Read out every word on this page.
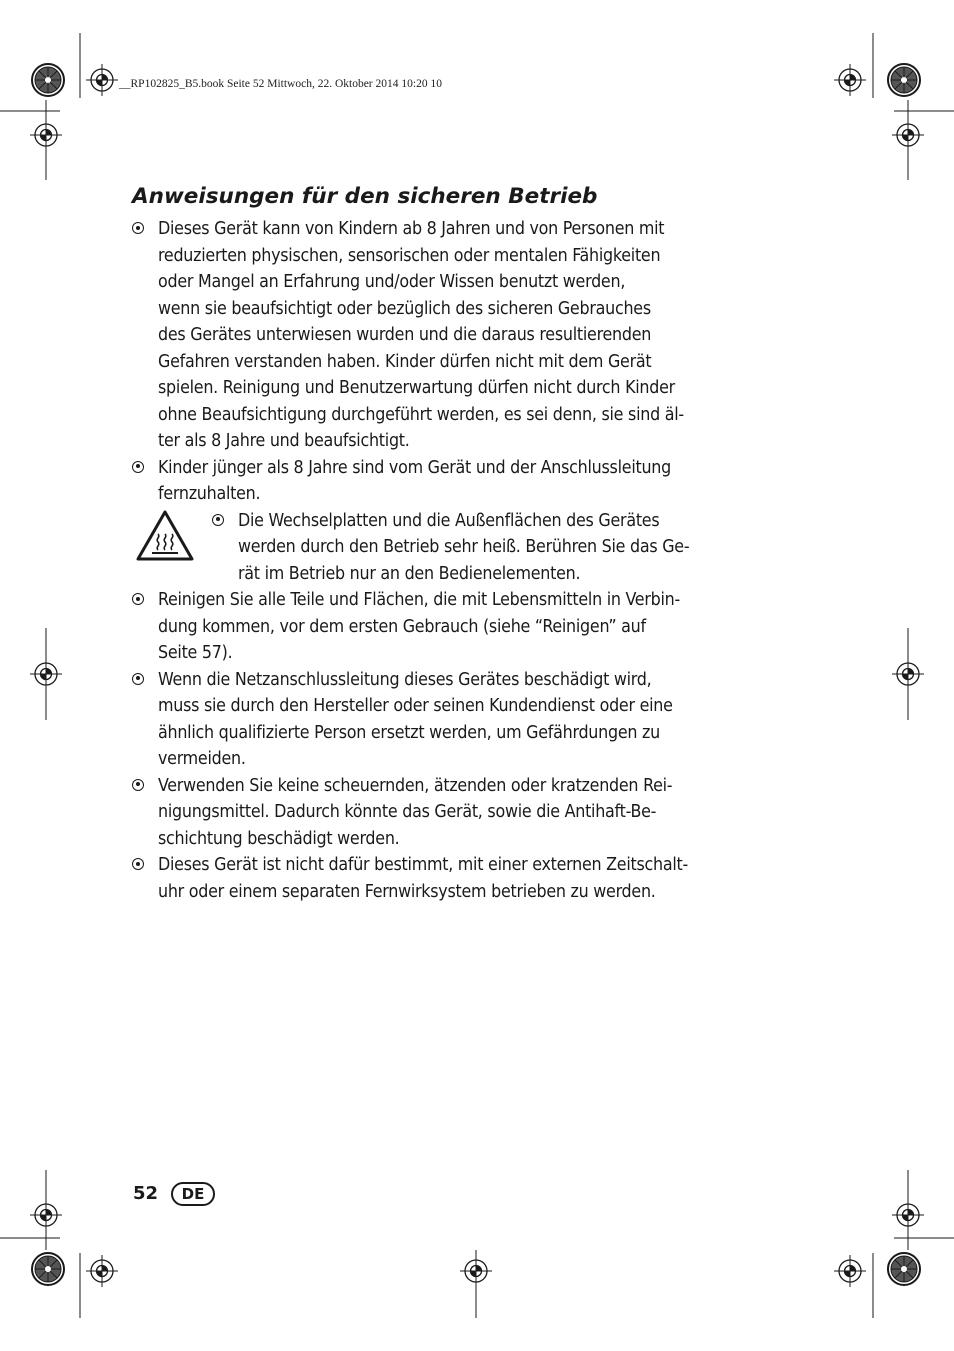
__RP102825_B5.book Seite 52 Mittwoch, 22. Oktober 2014 10:20 10
Anweisungen für den sicheren Betrieb
Dieses Gerät kann von Kindern ab 8 Jahren und von Personen mit
reduzierten physischen, sensorischen oder mentalen Fähigkeiten
oder Mangel an Erfahrung und/oder Wissen benutzt werden,
wenn sie beaufsichtigt oder bezüglich des sicheren Gebrauches
des Gerätes unterwiesen wurden und die daraus resultierenden
Gefahren verstanden haben. Kinder dürfen nicht mit dem Gerät
spielen. Reinigung und Benutzerwartung dürfen nicht durch Kinder
ohne Beaufsichtigung durchgeführt werden, es sei denn, sie sind äl-
ter als 8 Jahre und beaufsichtigt.
Kinder jünger als 8 Jahre sind vom Gerät und der Anschlussleitung
fernzuhalten.
Die Wechselplatten und die Außenflächen des Gerätes
werden durch den Betrieb sehr heiß. Berühren Sie das Ge-
rät im Betrieb nur an den Bedienelementen.
Reinigen Sie alle Teile und Flächen, die mit Lebensmitteln in Verbin-
dung kommen, vor dem ersten Gebrauch (siehe “Reinigen” auf
Seite 57).
Wenn die Netzanschlussleitung dieses Gerätes beschädigt wird,
muss sie durch den Hersteller oder seinen Kundendienst oder eine
ähnlich qualifizierte Person ersetzt werden, um Gefährdungen zu
vermeiden.
Verwenden Sie keine scheuernden, ätzenden oder kratzenden Rei-
nigungsmittel. Dadurch könnte das Gerät, sowie die Antihaft-Be-
schichtung beschädigt werden.
Dieses Gerät ist nicht dafür bestimmt, mit einer externen Zeitschalt-
uhr oder einem separaten Fernwirksystem betrieben zu werden.
52	DE
